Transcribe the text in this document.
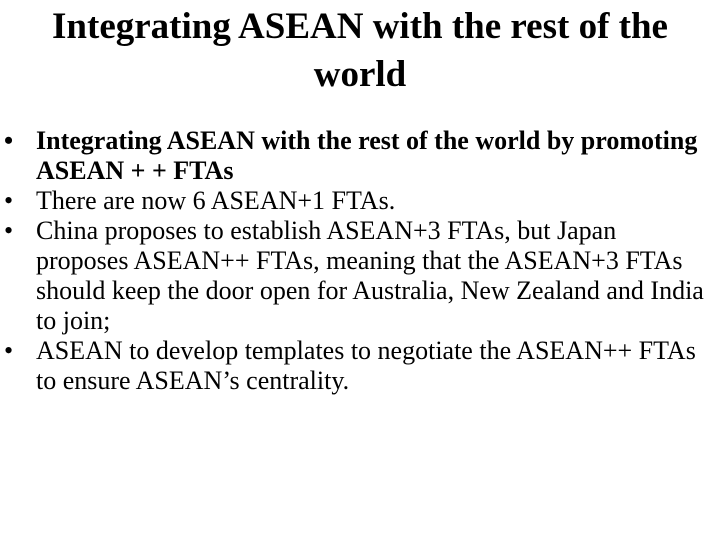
Integrating ASEAN with the rest of the world
• Integrating ASEAN with the rest of the world by promoting ASEAN + + FTAs
• There are now 6 ASEAN+1 FTAs.
• China proposes to establish ASEAN+3 FTAs, but Japan proposes ASEAN++ FTAs, meaning that the ASEAN+3 FTAs should keep the door open for Australia, New Zealand and India to join;
• ASEAN to develop templates to negotiate the ASEAN++ FTAs to ensure ASEAN’s centrality.
